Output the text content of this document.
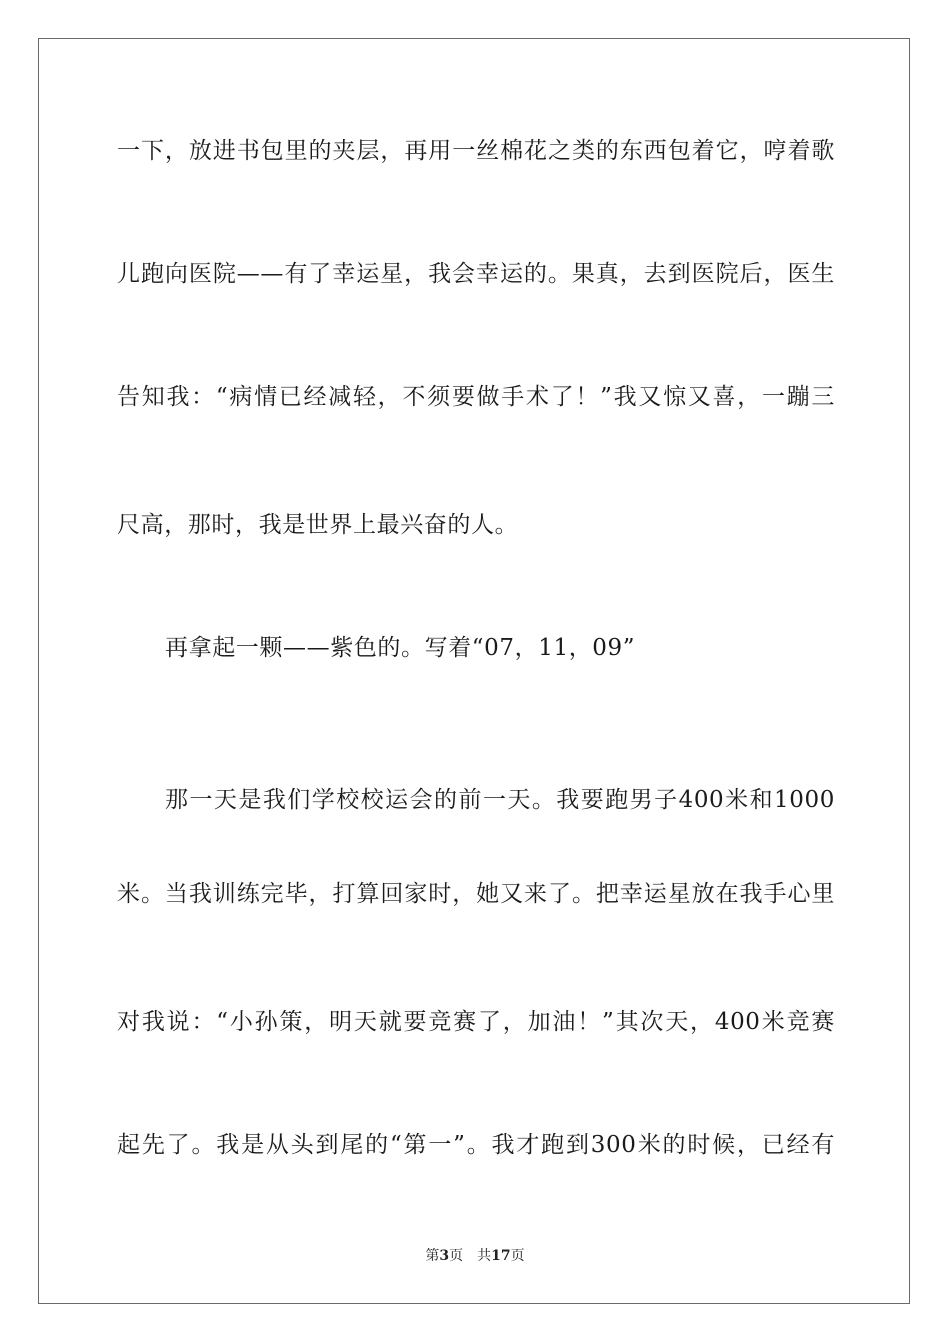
一下，放进书包里的夹层，再用一丝棉花之类的东西包着它，哼着歌
儿跑向医院——有了幸运星，我会幸运的。果真，去到医院后，医生
告知我：“病情已经减轻，不须要做手术了！”我又惊又喜，一蹦三
尺高，那时，我是世界上最兴奋的人。
再拿起一颗——紫色的。写着“07，11，09”
那一天是我们学校校运会的前一天。我要跑男子400米和1000
米。当我训练完毕，打算回家时，她又来了。把幸运星放在我手心里
对我说：“小孙策，明天就要竞赛了，加油！”其次天，400米竞赛
起先了。我是从头到尾的“第一”。我才跑到300米的时候，已经有
第3页 共17页
